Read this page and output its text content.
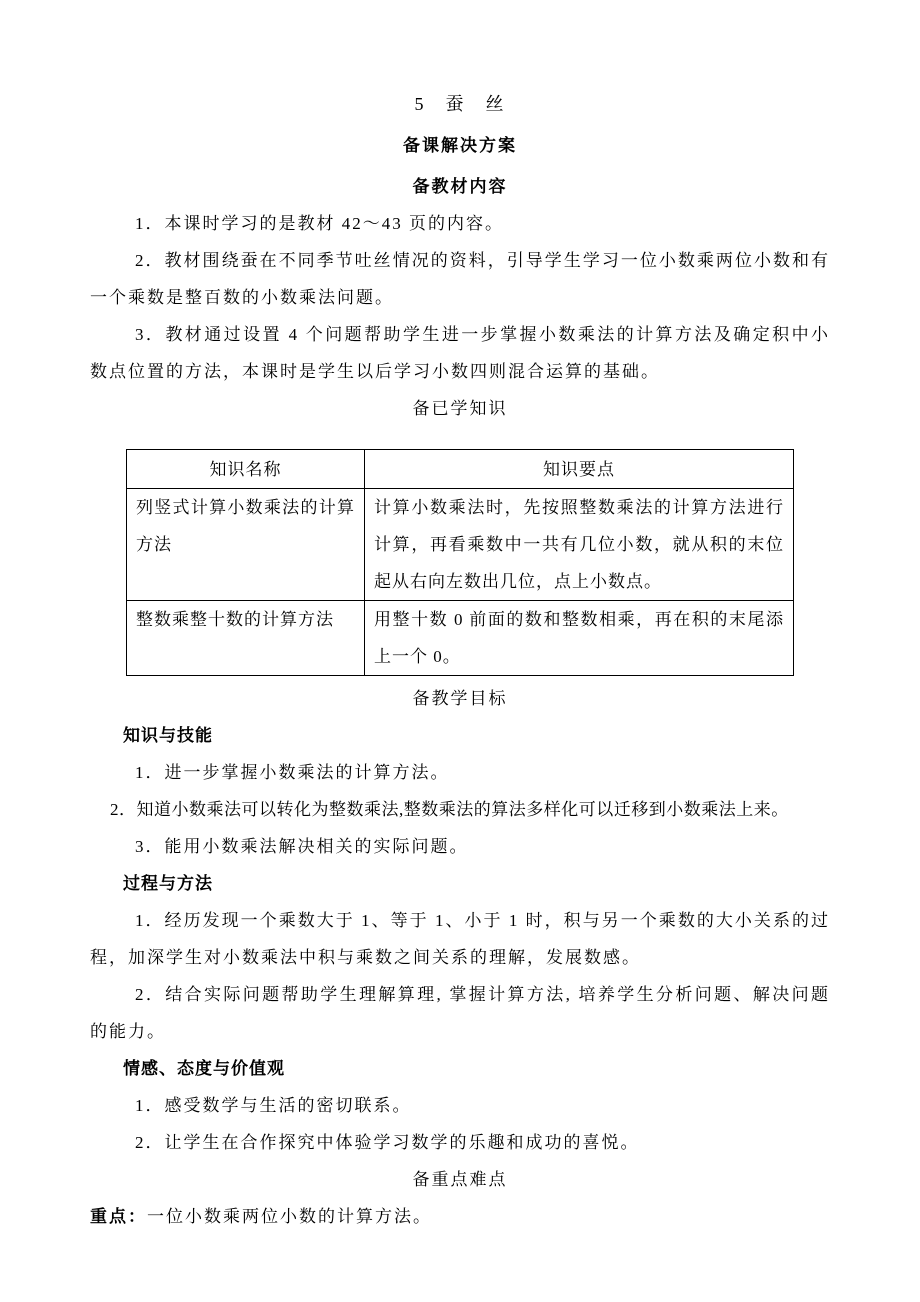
5　蚕　丝
备课解决方案
备教材内容
1．本课时学习的是教材 42～43 页的内容。
2．教材围绕蚕在不同季节吐丝情况的资料，引导学生学习一位小数乘两位小数和有一个乘数是整百数的小数乘法问题。
3．教材通过设置 4 个问题帮助学生进一步掌握小数乘法的计算方法及确定积中小数点位置的方法，本课时是学生以后学习小数四则混合运算的基础。
备已学知识
知识名称	知识要点
列竖式计算小数乘法的计算方法	计算小数乘法时，先按照整数乘法的计算方法进行计算，再看乘数中一共有几位小数，就从积的末位起从右向左数出几位，点上小数点。
整数乘整十数的计算方法	用整十数 0 前面的数和整数相乘，再在积的末尾添上一个 0。
备教学目标
知识与技能
1．进一步掌握小数乘法的计算方法。
2．知道小数乘法可以转化为整数乘法,整数乘法的算法多样化可以迁移到小数乘法上来。
3．能用小数乘法解决相关的实际问题。
过程与方法
1．经历发现一个乘数大于 1、等于 1、小于 1 时，积与另一个乘数的大小关系的过程，加深学生对小数乘法中积与乘数之间关系的理解，发展数感。
2．结合实际问题帮助学生理解算理, 掌握计算方法, 培养学生分析问题、解决问题的能力。
情感、态度与价值观
1．感受数学与生活的密切联系。
2．让学生在合作探究中体验学习数学的乐趣和成功的喜悦。
备重点难点
重点：一位小数乘两位小数的计算方法。
